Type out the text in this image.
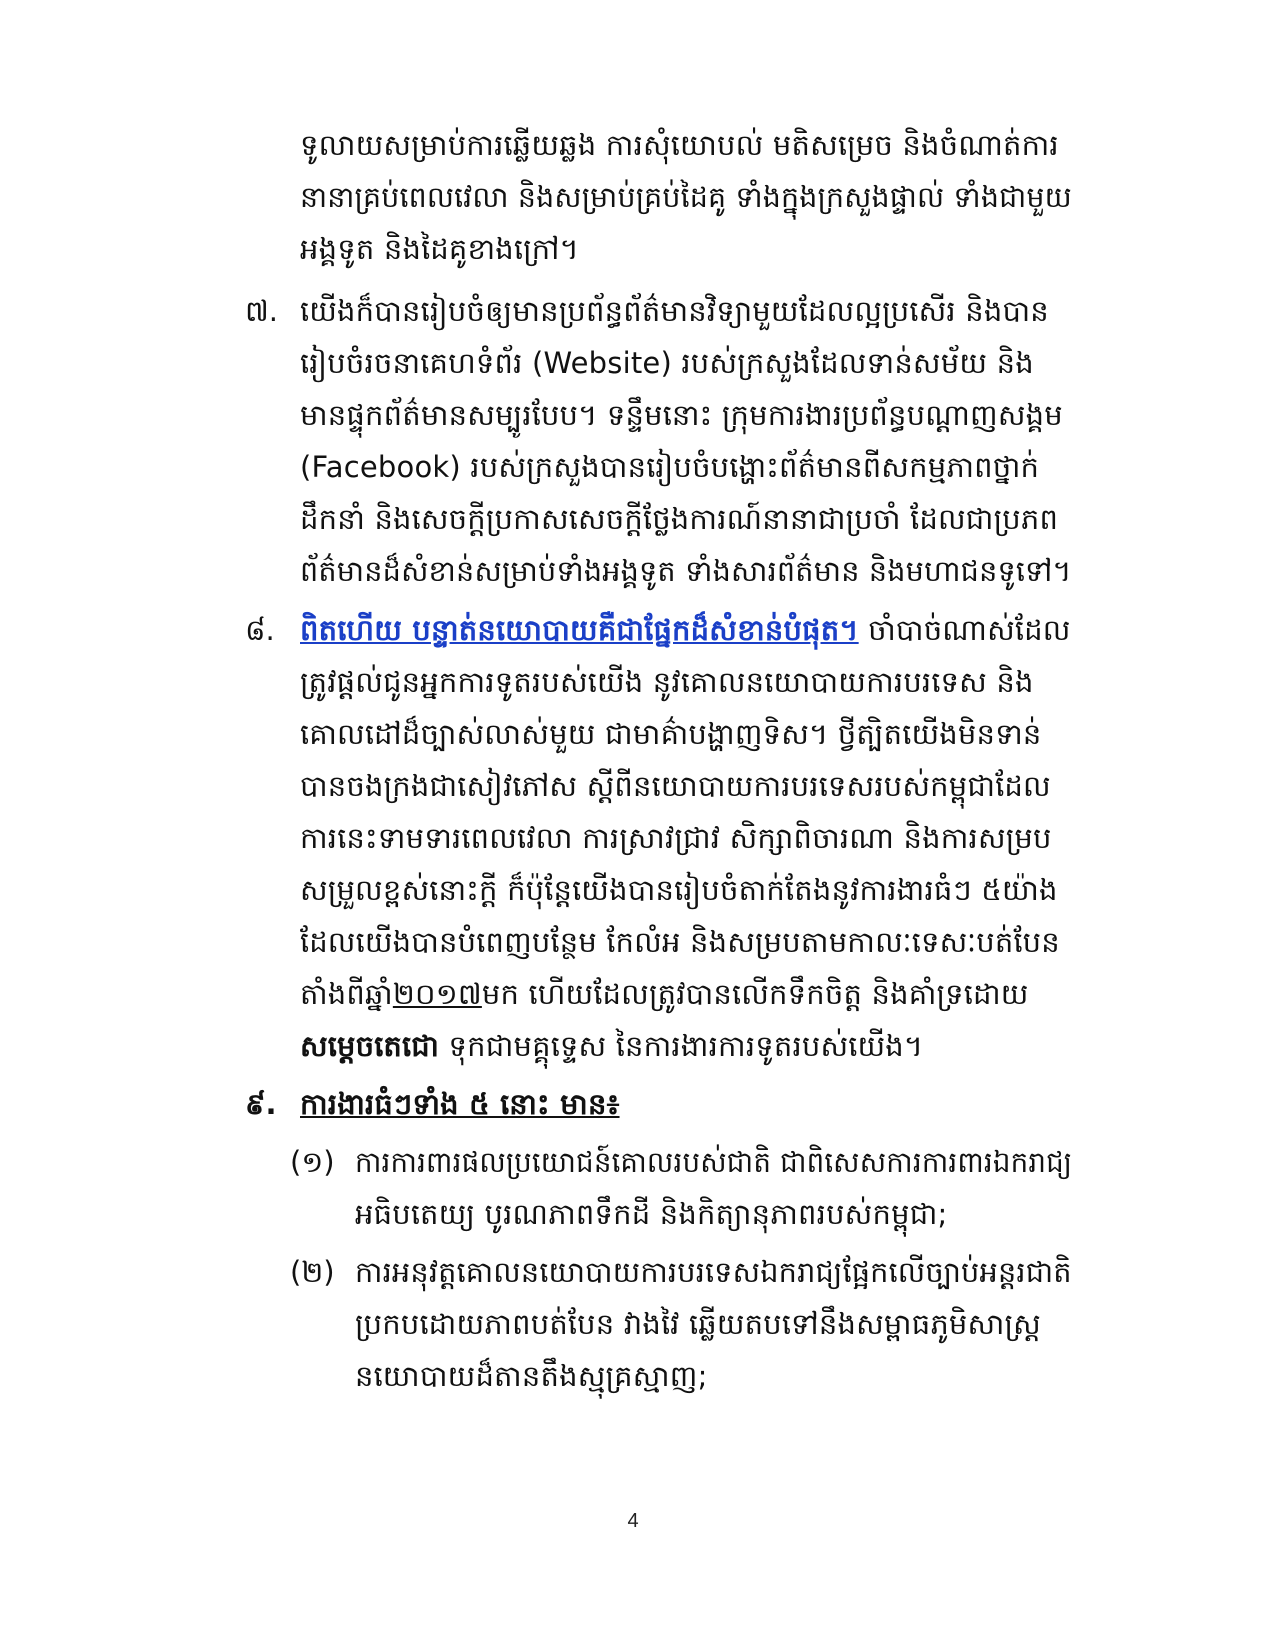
ទូលាយសម្រាប់ការឆ្លើយឆ្លង ការសុំយោបល់ មតិសម្រេច និងចំណាត់ការ
នានាគ្រប់ពេលវេលា និងសម្រាប់គ្រប់ដៃគូ ទាំងក្នុងក្រសួងផ្ទាល់ ទាំងជាមួយ
អង្គទូត និងដៃគូខាងក្រៅ។
៧. យើងក៏បានរៀបចំឲ្យមានប្រព័ន្ធព័ត៌មានវិទ្យាមួយដែលល្អប្រសើរ និងបាន
រៀបចំរចនាគេហទំព័រ (Website) របស់ក្រសួងដែលទាន់សម័យ និង
មានផ្ទុកព័ត៌មានសម្បូរបែប។ ទន្ទឹមនោះ ក្រុមការងារប្រព័ន្ធបណ្ដាញសង្គម
(Facebook) របស់ក្រសួងបានរៀបចំបង្ហោះព័ត៌មានពីសកម្មភាពថ្នាក់
ដឹកនាំ និងសេចក្តីប្រកាសសេចក្តីថ្លែងការណ៍នានាជាប្រចាំ ដែលជាប្រភព
ព័ត៌មានដ៏សំខាន់សម្រាប់ទាំងអង្គទូត ទាំងសារព័ត៌មាន និងមហាជនទូទៅ។
៨. ពិតហើយ បន្ទាត់នយោបាយគឺជាផ្នែកដ៏សំខាន់បំផុត។ ចាំបាច់ណាស់ដែល
ត្រូវផ្តល់ជូនអ្នកការទូតរបស់យើង នូវគោលនយោបាយការបរទេស និង
គោលដៅដ៏ច្បាស់លាស់មួយ ជាមាគ៌ាបង្ហាញទិស។ ថ្វីត្បិតយើងមិនទាន់
បានចងក្រងជាសៀវភៅស ស្តីពីនយោបាយការបរទេសរបស់កម្ពុជាដែល
ការនេះទាមទារពេលវេលា ការស្រាវជ្រាវ សិក្សាពិចារណា និងការសម្រប
សម្រួលខ្ពស់នោះក្តី ក៏ប៉ុន្តែយើងបានរៀបចំតាក់តែងនូវការងារធំៗ ៥យ៉ាង
ដែលយើងបានបំពេញបន្ថែម កែលំអ និងសម្របតាមកាលៈទេសៈបត់បែន
តាំងពីឆ្នាំ២០១៧មក ហើយដែលត្រូវបានលើកទឹកចិត្ត និងគាំទ្រដោយ
សម្តេចតេជោ ទុកជាមគ្គុទ្ទេស នៃការងារការទូតរបស់យើង។
៩. ការងារធំៗទាំង ៥ នោះ មាន៖
(១) ការការពារផលប្រយោជន៍គោលរបស់ជាតិ ជាពិសេសការការពារឯករាជ្យ
អធិបតេយ្យ បូរណភាពទឹកដី និងកិត្យានុភាពរបស់កម្ពុជា;
(២) ការអនុវត្តគោលនយោបាយការបរទេសឯករាជ្យផ្អែកលើច្បាប់អន្តរជាតិ
ប្រកបដោយភាពបត់បែន វាងវៃ ឆ្លើយតបទៅនឹងសម្ពាធភូមិសាស្ត្រ
នយោបាយដ៏តានតឹងស្មុគ្រស្មាញ;
4
